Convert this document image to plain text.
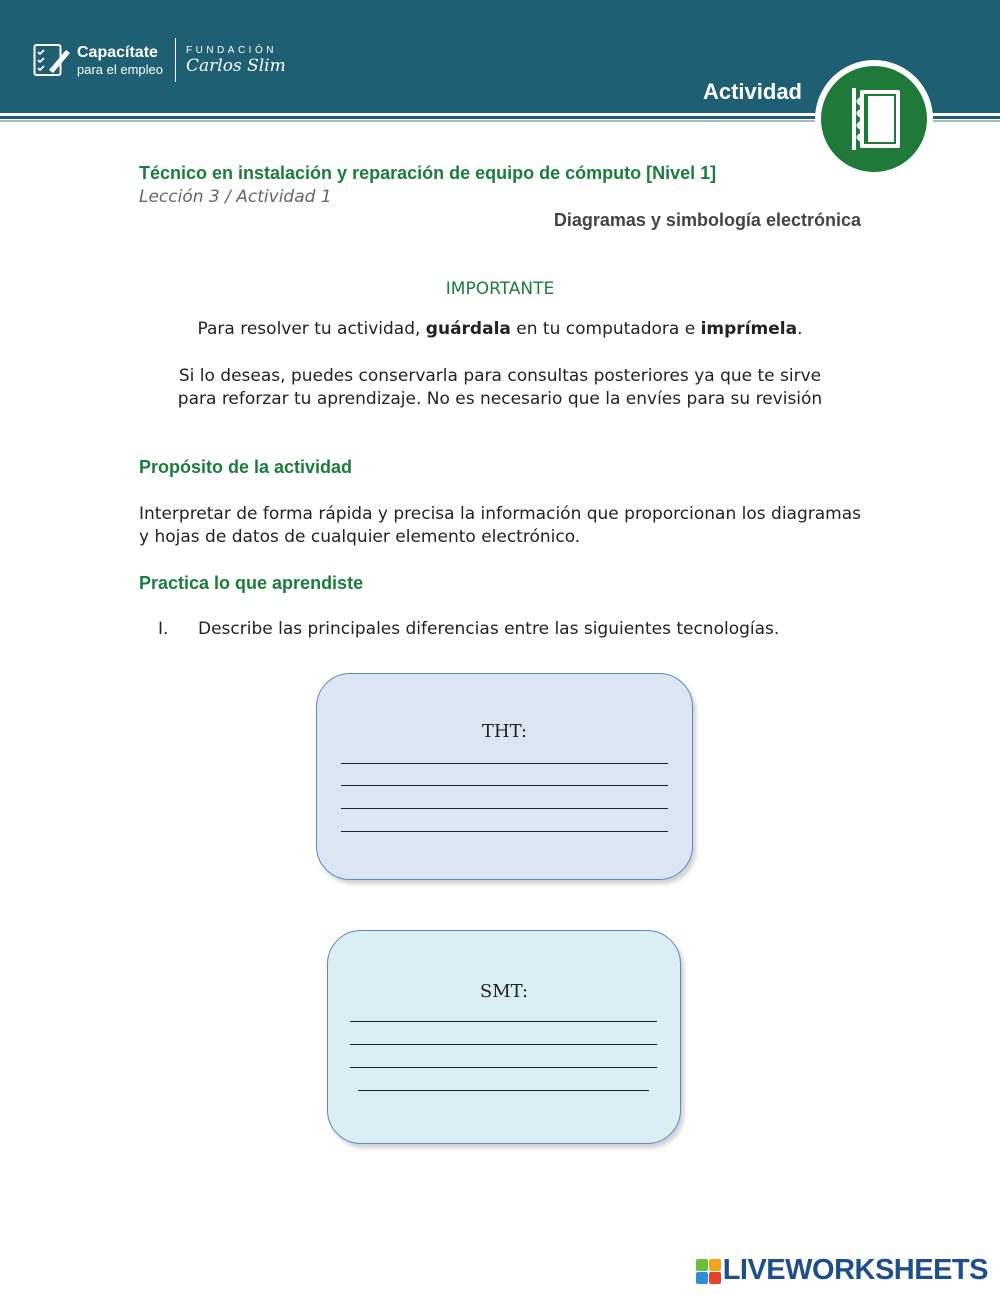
Capacítate
para el empleo
FUNDACIÓN
Carlos Slim
Actividad
Técnico en instalación y reparación de equipo de cómputo [Nivel 1]
Lección 3 / Actividad 1
Diagramas y simbología electrónica
IMPORTANTE
Para resolver tu actividad, guárdala en tu computadora e imprímela.
Si lo deseas, puedes conservarla para consultas posteriores ya que te sirve
para reforzar tu aprendizaje. No es necesario que la envíes para su revisión
Propósito de la actividad
Interpretar de forma rápida y precisa la información que proporcionan los diagramas y hojas de datos de cualquier elemento electrónico.
Practica lo que aprendiste
I.	Describe las principales diferencias entre las siguientes tecnologías.
THT:
SMT:
LIVEWORKSHEETS
